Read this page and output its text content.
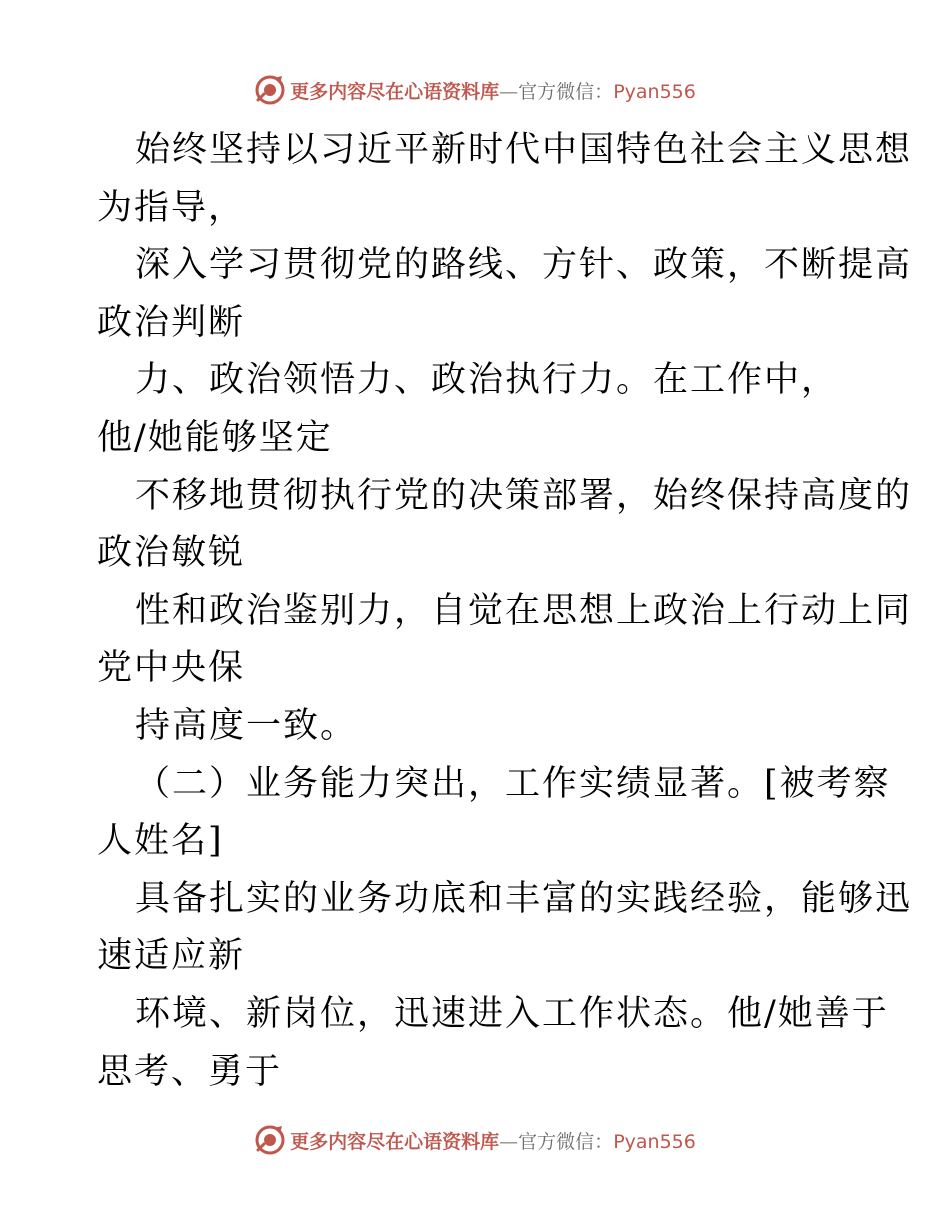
更多内容尽在心语资料库—官方微信：Pyan556
始终坚持以习近平新时代中国特色社会主义思想
为指导，
深入学习贯彻党的路线、方针、政策，不断提高
政治判断
力、政治领悟力、政治执行力。在工作中，
他/她能够坚定
不移地贯彻执行党的决策部署，始终保持高度的
政治敏锐
性和政治鉴别力，自觉在思想上政治上行动上同
党中央保
持高度一致。
（二）业务能力突出，工作实绩显著。[被考察
人姓名]
具备扎实的业务功底和丰富的实践经验，能够迅
速适应新
环境、新岗位，迅速进入工作状态。他/她善于
思考、勇于
更多内容尽在心语资料库—官方微信：Pyan556
